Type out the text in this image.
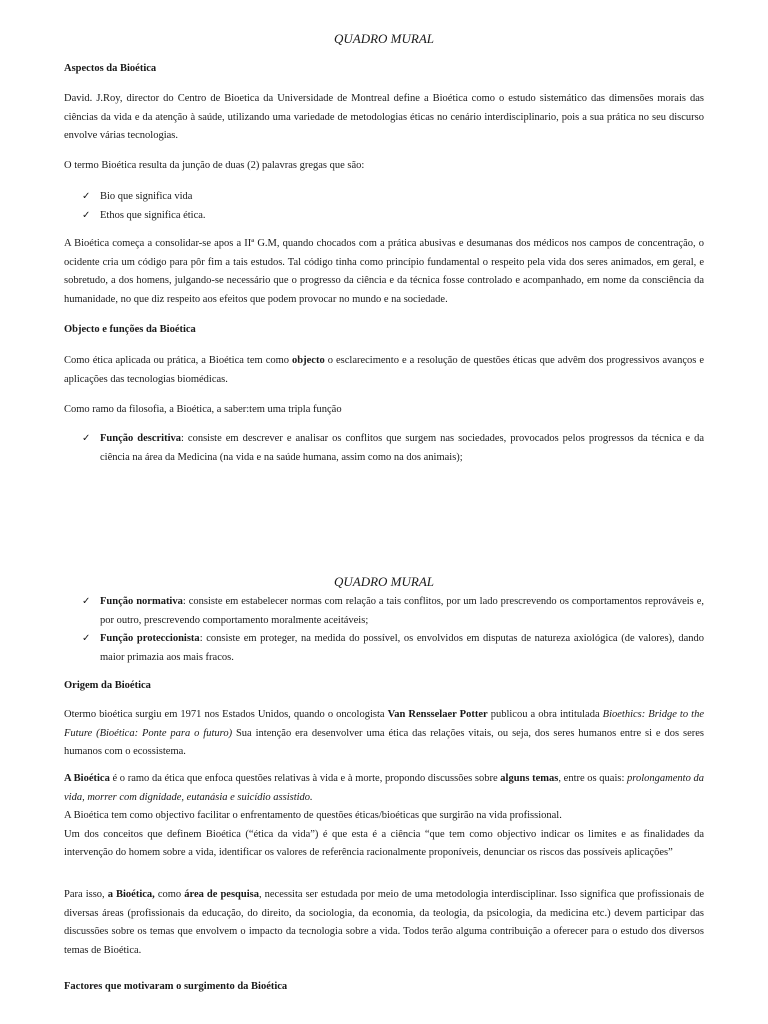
QUADRO MURAL
Aspectos da Bioética

David. J.Roy, director do Centro de Bioetica da Universidade de Montreal define a Bioética como o estudo sistemático das dimensões morais das ciências da vida e da atenção à saúde, utilizando uma variedade de metodologias éticas no cenário interdisciplinario, pois a sua prática no seu discurso envolve várias tecnologias.

O termo Bioética resulta da junção de duas (2) palavras gregas que são:

✓ Bio que significa vida
✓ Ethos que significa ética.

A Bioética começa a consolidar-se apos a IIª G.M, quando chocados com a prática abusivas e desumanas dos médicos nos campos de concentração, o ocidente cria um código para pôr fim a tais estudos. Tal código tinha como princípio fundamental o respeito pela vida dos seres animados, em geral, e sobretudo, a dos homens, julgando-se necessário que o progresso da ciência e da técnica fosse controlado e acompanhado, em nome da consciência da humanidade, no que diz respeito aos efeitos que podem provocar no mundo e na sociedade.

Objecto e funções da Bioética

Como ética aplicada ou prática, a Bioética tem como objecto o esclarecimento e a resolução de questões éticas que advêm dos progressivos avanços e aplicações das tecnologias biomédicas.

Como ramo da filosofia, a Bioética, a saber:tem uma tripla função

✓ Função descritiva: consiste em descrever e analisar os conflitos que surgem nas sociedades, provocados pelos progressos da técnica e da ciência na área da Medicina (na vida e na saúde humana, assim como na dos animais);
QUADRO MURAL
✓ Função normativa: consiste em estabelecer normas com relação a tais conflitos, por um lado prescrevendo os comportamentos reprováveis e, por outro, prescrevendo comportamento moralmente aceitáveis;
✓ Função proteccionista: consiste em proteger, na medida do possível, os envolvidos em disputas de natureza axiológica (de valores), dando maior primazia aos mais fracos.
Origem da Bioética

Otermo bioética surgiu em 1971 nos Estados Unidos, quando o oncologista Van Rensselaer Potter publicou a obra intitulada Bioethics: Bridge to the Future (Bioética: Ponte para o futuro) Sua intenção era desenvolver uma ética das relações vitais, ou seja, dos seres humanos entre si e dos seres humanos com o ecossistema.

A Bioética é o ramo da ética que enfoca questões relativas à vida e à morte, propondo discussões sobre alguns temas, entre os quais: prolongamento da vida, morrer com dignidade, eutanásia e suicídio assistido.

A Bioética tem como objectivo facilitar o enfrentamento de questões éticas/bioéticas que surgirão na vida profissional.

Um dos conceitos que definem Bioética (“ética da vida”) é que esta é a ciência “que tem como objectivo indicar os limites e as finalidades da intervenção do homem sobre a vida, identificar os valores de referência racionalmente proponíveis, denunciar os riscos das possíveis aplicações”

Para isso, a Bioética, como área de pesquisa, necessita ser estudada por meio de uma metodologia interdisciplinar. Isso significa que profissionais de diversas áreas (profissionais da educação, do direito, da sociologia, da economia, da teologia, da psicologia, da medicina etc.) devem participar das discussões sobre os temas que envolvem o impacto da tecnologia sobre a vida. Todos terão alguma contribuição a oferecer para o estudo dos diversos temas de Bioética.

Factores que motivaram o surgimento da Bioética
